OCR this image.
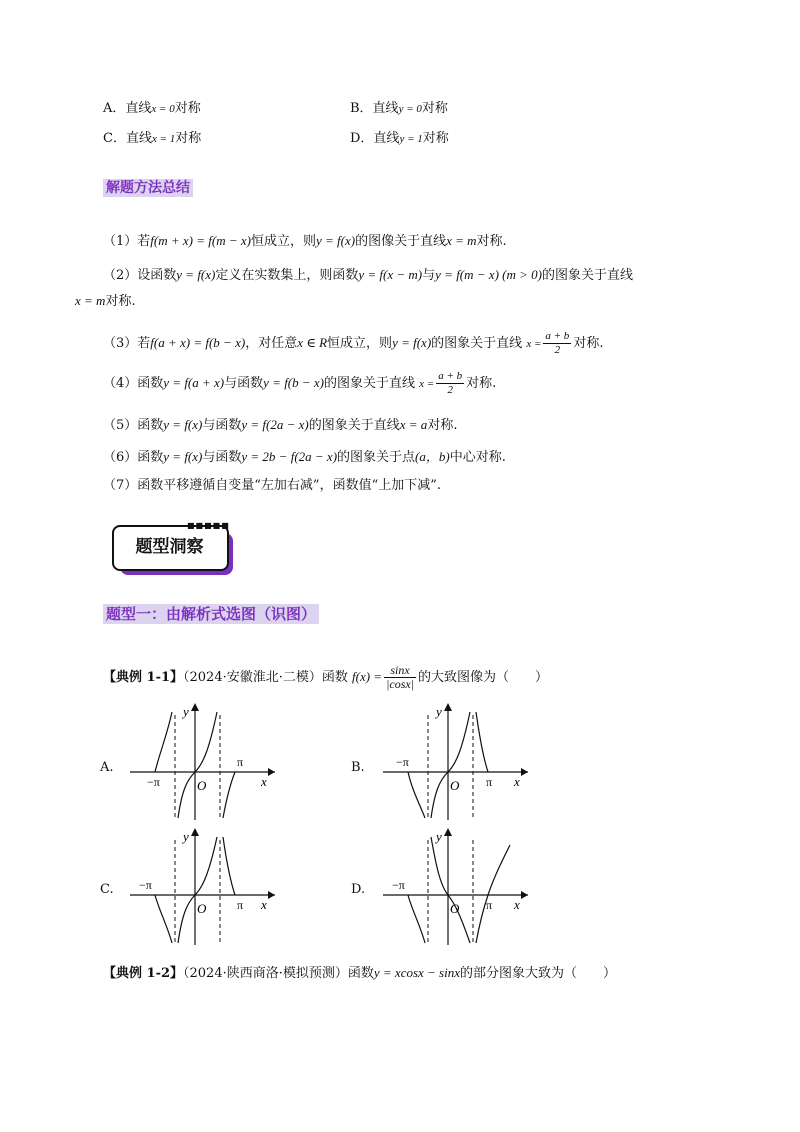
A．直线x = 0对称	B．直线y = 0对称
C．直线x = 1对称	D．直线y = 1对称
解题方法总结
（1）若f(m + x) = f(m − x)恒成立，则y = f(x)的图像关于直线x = m对称.
（2）设函数y = f(x)定义在实数集上，则函数y = f(x − m)与y = f(m − x) (m > 0)的图象关于直线
x = m对称.
（3）若f(a + x) = f(b − x)，对任意x ∈ R恒成立，则y = f(x)的图象关于直线 $x = \frac{a + b}{2}$ 对称.
（4）函数y = f(a + x)与函数y = f(b − x)的图象关于直线 $x = \frac{a + b}{2}$ 对称.
（5）函数y = f(x)与函数y = f(2a − x)的图象关于直线x = a对称.
（6）函数y = f(x)与函数y = 2b − f(2a − x)的图象关于点(a，b)中心对称.
（7）函数平移遵循自变量“左加右减”，函数值“上加下减”.
题型洞察
■■■■■
题型一：由解析式选图（识图）
【典例 1-1】（2024·安徽淮北·二模）函数 $f(x) = \frac{\sin x}{|\cos x|}$ 的大致图像为（　　）
A.
y
x
O
−π
π	B.
y
x
O
−π
π
C.
y
x
O
−π
π
D.
y
x
O
−π
π
【典例 1-2】（2024·陕西商洛·模拟预测）函数y = xcosx − sinx的部分图象大致为（　　）
